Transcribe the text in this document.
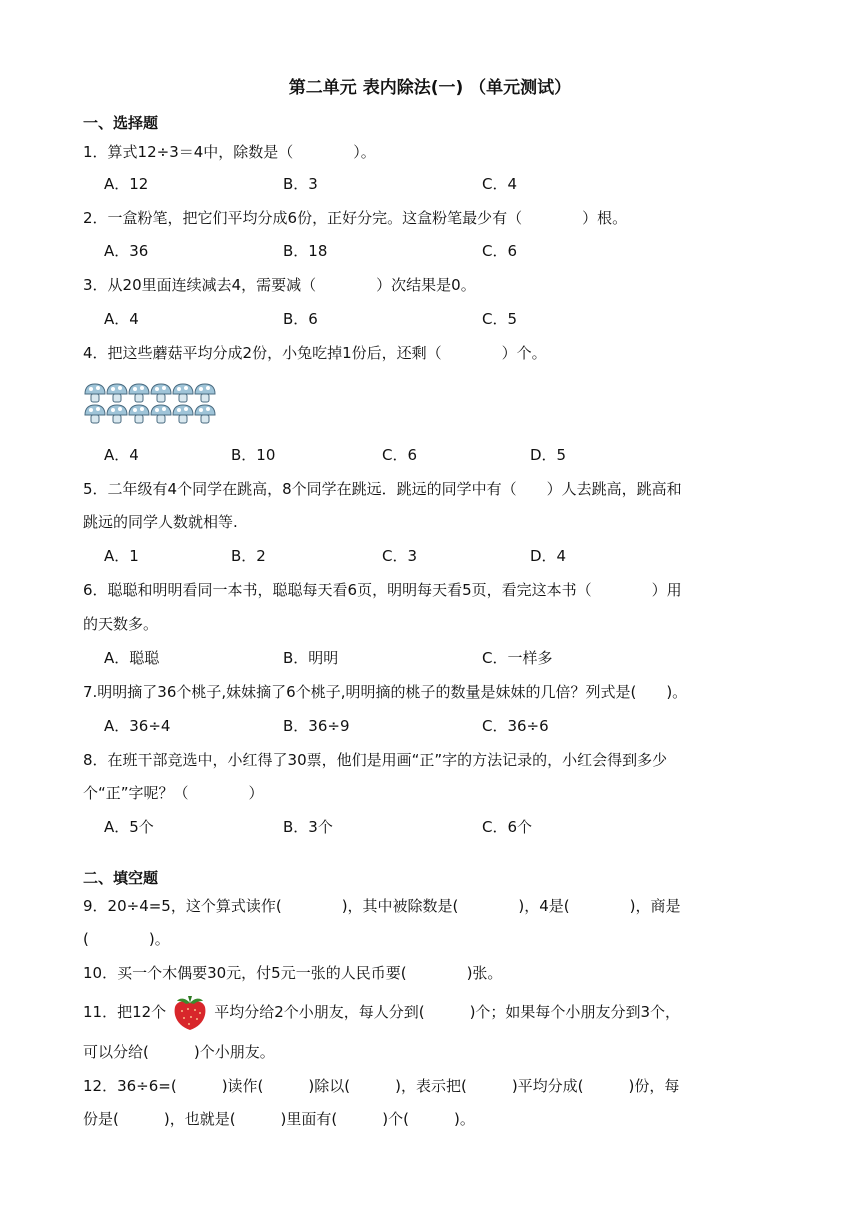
第二单元 表内除法(一) （单元测试）
一、选择题
1．算式12÷3＝4中，除数是（　　　　）。
A．12	B．3	C．4
2．一盒粉笔，把它们平均分成6份，正好分完。这盒粉笔最少有（　　　　）根。
A．36	B．18	C．6
3．从20里面连续减去4，需要减（　　　　）次结果是0。
A．4	B．6	C．5
4．把这些蘑菇平均分成2份，小兔吃掉1份后，还剩（　　　　）个。
A．4	B．10	C．6	D．5
5．二年级有4个同学在跳高，8个同学在跳远．跳远的同学中有（　　）人去跳高，跳高和
跳远的同学人数就相等.
A．1	B．2	C．3	D．4
6．聪聪和明明看同一本书，聪聪每天看6页，明明每天看5页，看完这本书（　　　　）用
的天数多。
A．聪聪	B．明明	C．一样多
7.明明摘了36个桃子,妹妹摘了6个桃子,明明摘的桃子的数量是妹妹的几倍？列式是(　　)。
A．36÷4	B．36÷9	C．36÷6
8．在班干部竞选中，小红得了30票，他们是用画“正”字的方法记录的，小红会得到多少
个“正”字呢？（　　　　）
A．5个	B．3个	C．6个
二、填空题
9．20÷4=5，这个算式读作(　　　　)，其中被除数是(　　　　)，4是(　　　　)，商是
(　　　　)。
10．买一个木偶要30元，付5元一张的人民币要(　　　　)张。
11．把12个	平均分给2个小朋友，每人分到(　　　)个；如果每个小朋友分到3个，
可以分给(　　　)个小朋友。
12．36÷6=(　　　)读作(　　　)除以(　　　)，表示把(　　　)平均分成(　　　)份，每
份是(　　　)，也就是(　　　)里面有(　　　)个(　　　)。
